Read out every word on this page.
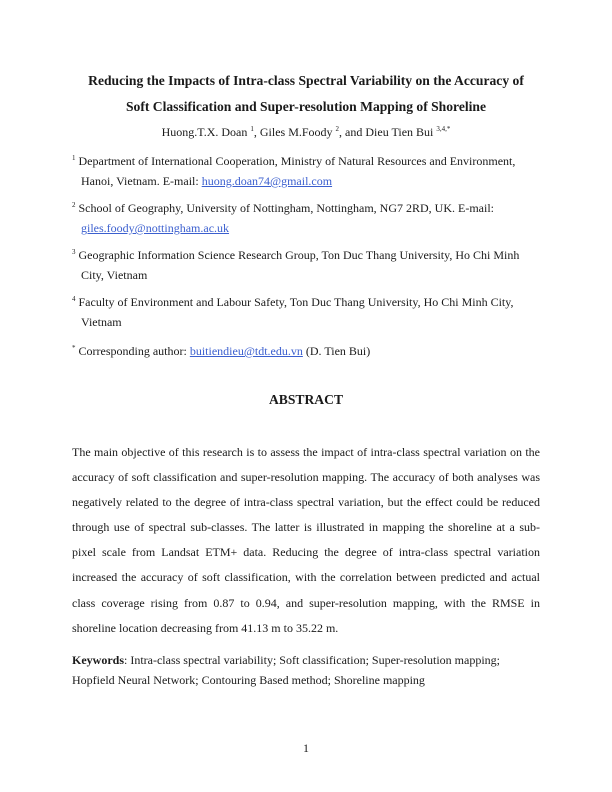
Reducing the Impacts of Intra-class Spectral Variability on the Accuracy of
Soft Classification and Super-resolution Mapping of Shoreline

Huong.T.X. Doan $^1$, Giles M.Foody $^2$, and Dieu Tien Bui $^{3,4,*}$

$^1$ Department of International Cooperation, Ministry of Natural Resources and Environment,
Hanoi, Vietnam. E-mail: huong.doan74@gmail.com
$^2$ School of Geography, University of Nottingham, Nottingham, NG7 2RD, UK. E-mail:
giles.foody@nottingham.ac.uk
$^3$ Geographic Information Science Research Group, Ton Duc Thang University, Ho Chi Minh
City, Vietnam
$^4$ Faculty of Environment and Labour Safety, Ton Duc Thang University, Ho Chi Minh City,
Vietnam
* Corresponding author: buitiendieu@tdt.edu.vn (D. Tien Bui)
ABSTRACT

The main objective of this research is to assess the impact of intra-class spectral variation on the accuracy of soft classification and super-resolution mapping. The accuracy of both analyses was negatively related to the degree of intra-class spectral variation, but the effect could be reduced through use of spectral sub-classes. The latter is illustrated in mapping the shoreline at a sub-pixel scale from Landsat ETM+ data. Reducing the degree of intra-class spectral variation increased the accuracy of soft classification, with the correlation between predicted and actual class coverage rising from 0.87 to 0.94, and super-resolution mapping, with the RMSE in shoreline location decreasing from 41.13 m to 35.22 m.

Keywords: Intra-class spectral variability; Soft classification; Super-resolution mapping; Hopfield Neural Network; Contouring Based method; Shoreline mapping

1
